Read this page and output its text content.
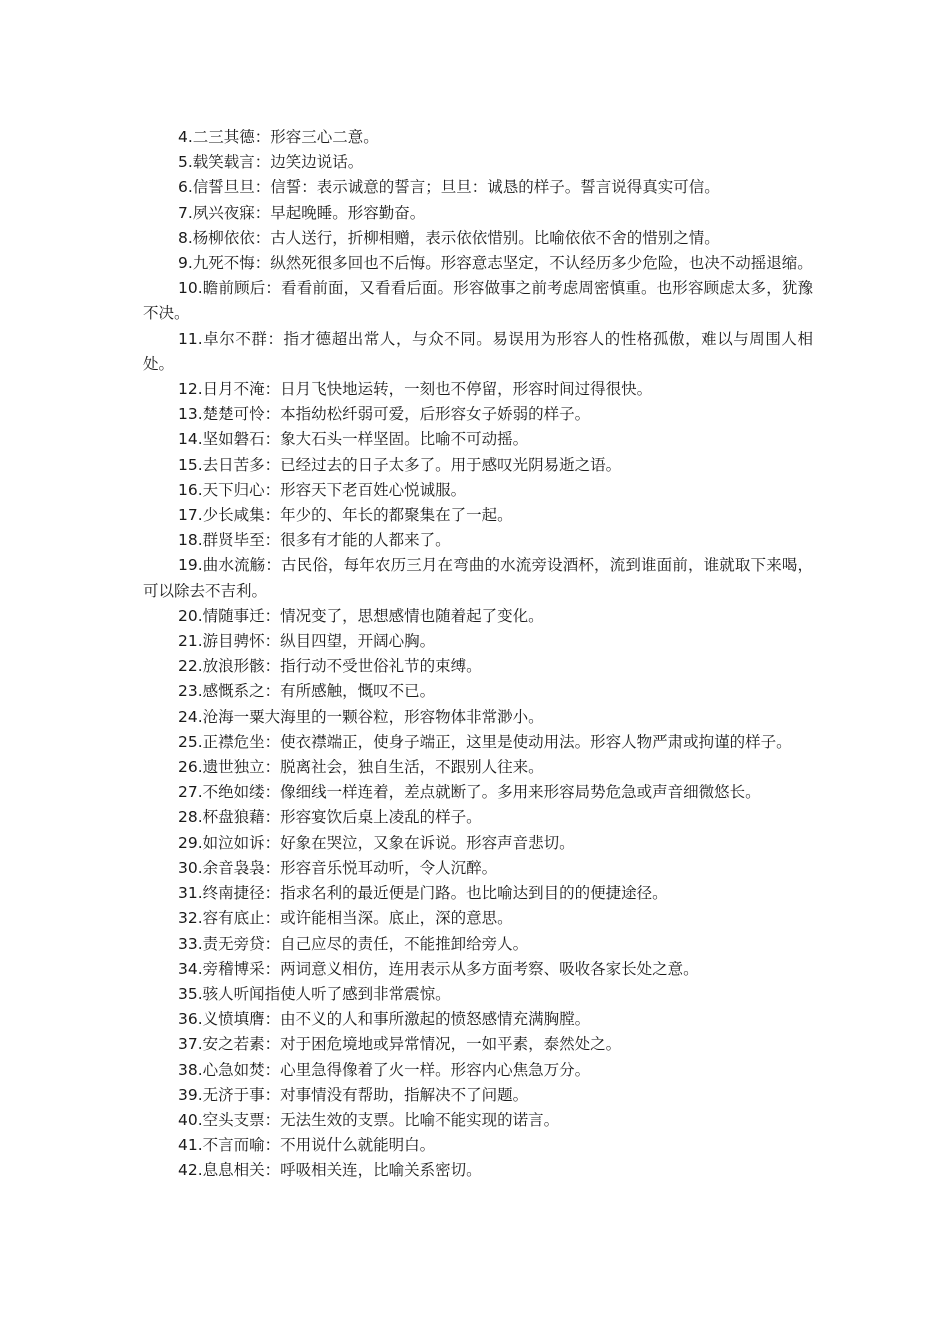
4.二三其德：形容三心二意。

5.载笑载言：边笑边说话。

6.信誓旦旦：信誓：表示诚意的誓言；旦旦：诚恳的样子。誓言说得真实可信。

7.夙兴夜寐：早起晚睡。形容勤奋。

8.杨柳依依：古人送行，折柳相赠，表示依依惜别。比喻依依不舍的惜别之情。

9.九死不悔：纵然死很多回也不后悔。形容意志坚定，不认经历多少危险，也决不动摇退缩。

10.瞻前顾后：看看前面，又看看后面。形容做事之前考虑周密慎重。也形容顾虑太多，犹豫不决。

11.卓尔不群：指才德超出常人，与众不同。易误用为形容人的性格孤傲，难以与周围人相处。

12.日月不淹：日月飞快地运转，一刻也不停留，形容时间过得很快。

13.楚楚可怜：本指幼松纤弱可爱，后形容女子娇弱的样子。

14.坚如磐石：象大石头一样坚固。比喻不可动摇。

15.去日苦多：已经过去的日子太多了。用于感叹光阴易逝之语。

16.天下归心：形容天下老百姓心悦诚服。

17.少长咸集：年少的、年长的都聚集在了一起。

18.群贤毕至：很多有才能的人都来了。

19.曲水流觞：古民俗，每年农历三月在弯曲的水流旁设酒杯，流到谁面前，谁就取下来喝，可以除去不吉利。

20.情随事迁：情况变了，思想感情也随着起了变化。

21.游目骋怀：纵目四望，开阔心胸。

22.放浪形骸：指行动不受世俗礼节的束缚。

23.感慨系之：有所感触，慨叹不已。

24.沧海一粟大海里的一颗谷粒，形容物体非常渺小。

25.正襟危坐：使衣襟端正，使身子端正，这里是使动用法。形容人物严肃或拘谨的样子。

26.遗世独立：脱离社会，独自生活，不跟别人往来。

27.不绝如缕：像细线一样连着，差点就断了。多用来形容局势危急或声音细微悠长。

28.杯盘狼藉：形容宴饮后桌上凌乱的样子。

29.如泣如诉：好象在哭泣，又象在诉说。形容声音悲切。

30.余音袅袅：形容音乐悦耳动听，令人沉醉。

31.终南捷径：指求名利的最近便是门路。也比喻达到目的的便捷途径。

32.容有底止：或许能相当深。底止，深的意思。

33.责无旁贷：自己应尽的责任，不能推卸给旁人。

34.旁稽博采：两词意义相仿，连用表示从多方面考察、吸收各家长处之意。

35.骇人听闻指使人听了感到非常震惊。

36.义愤填膺：由不义的人和事所激起的愤怒感情充满胸膛。

37.安之若素：对于困危境地或异常情况，一如平素，泰然处之。

38.心急如焚：心里急得像着了火一样。形容内心焦急万分。

39.无济于事：对事情没有帮助，指解决不了问题。

40.空头支票：无法生效的支票。比喻不能实现的诺言。

41.不言而喻：不用说什么就能明白。

42.息息相关：呼吸相关连，比喻关系密切。
